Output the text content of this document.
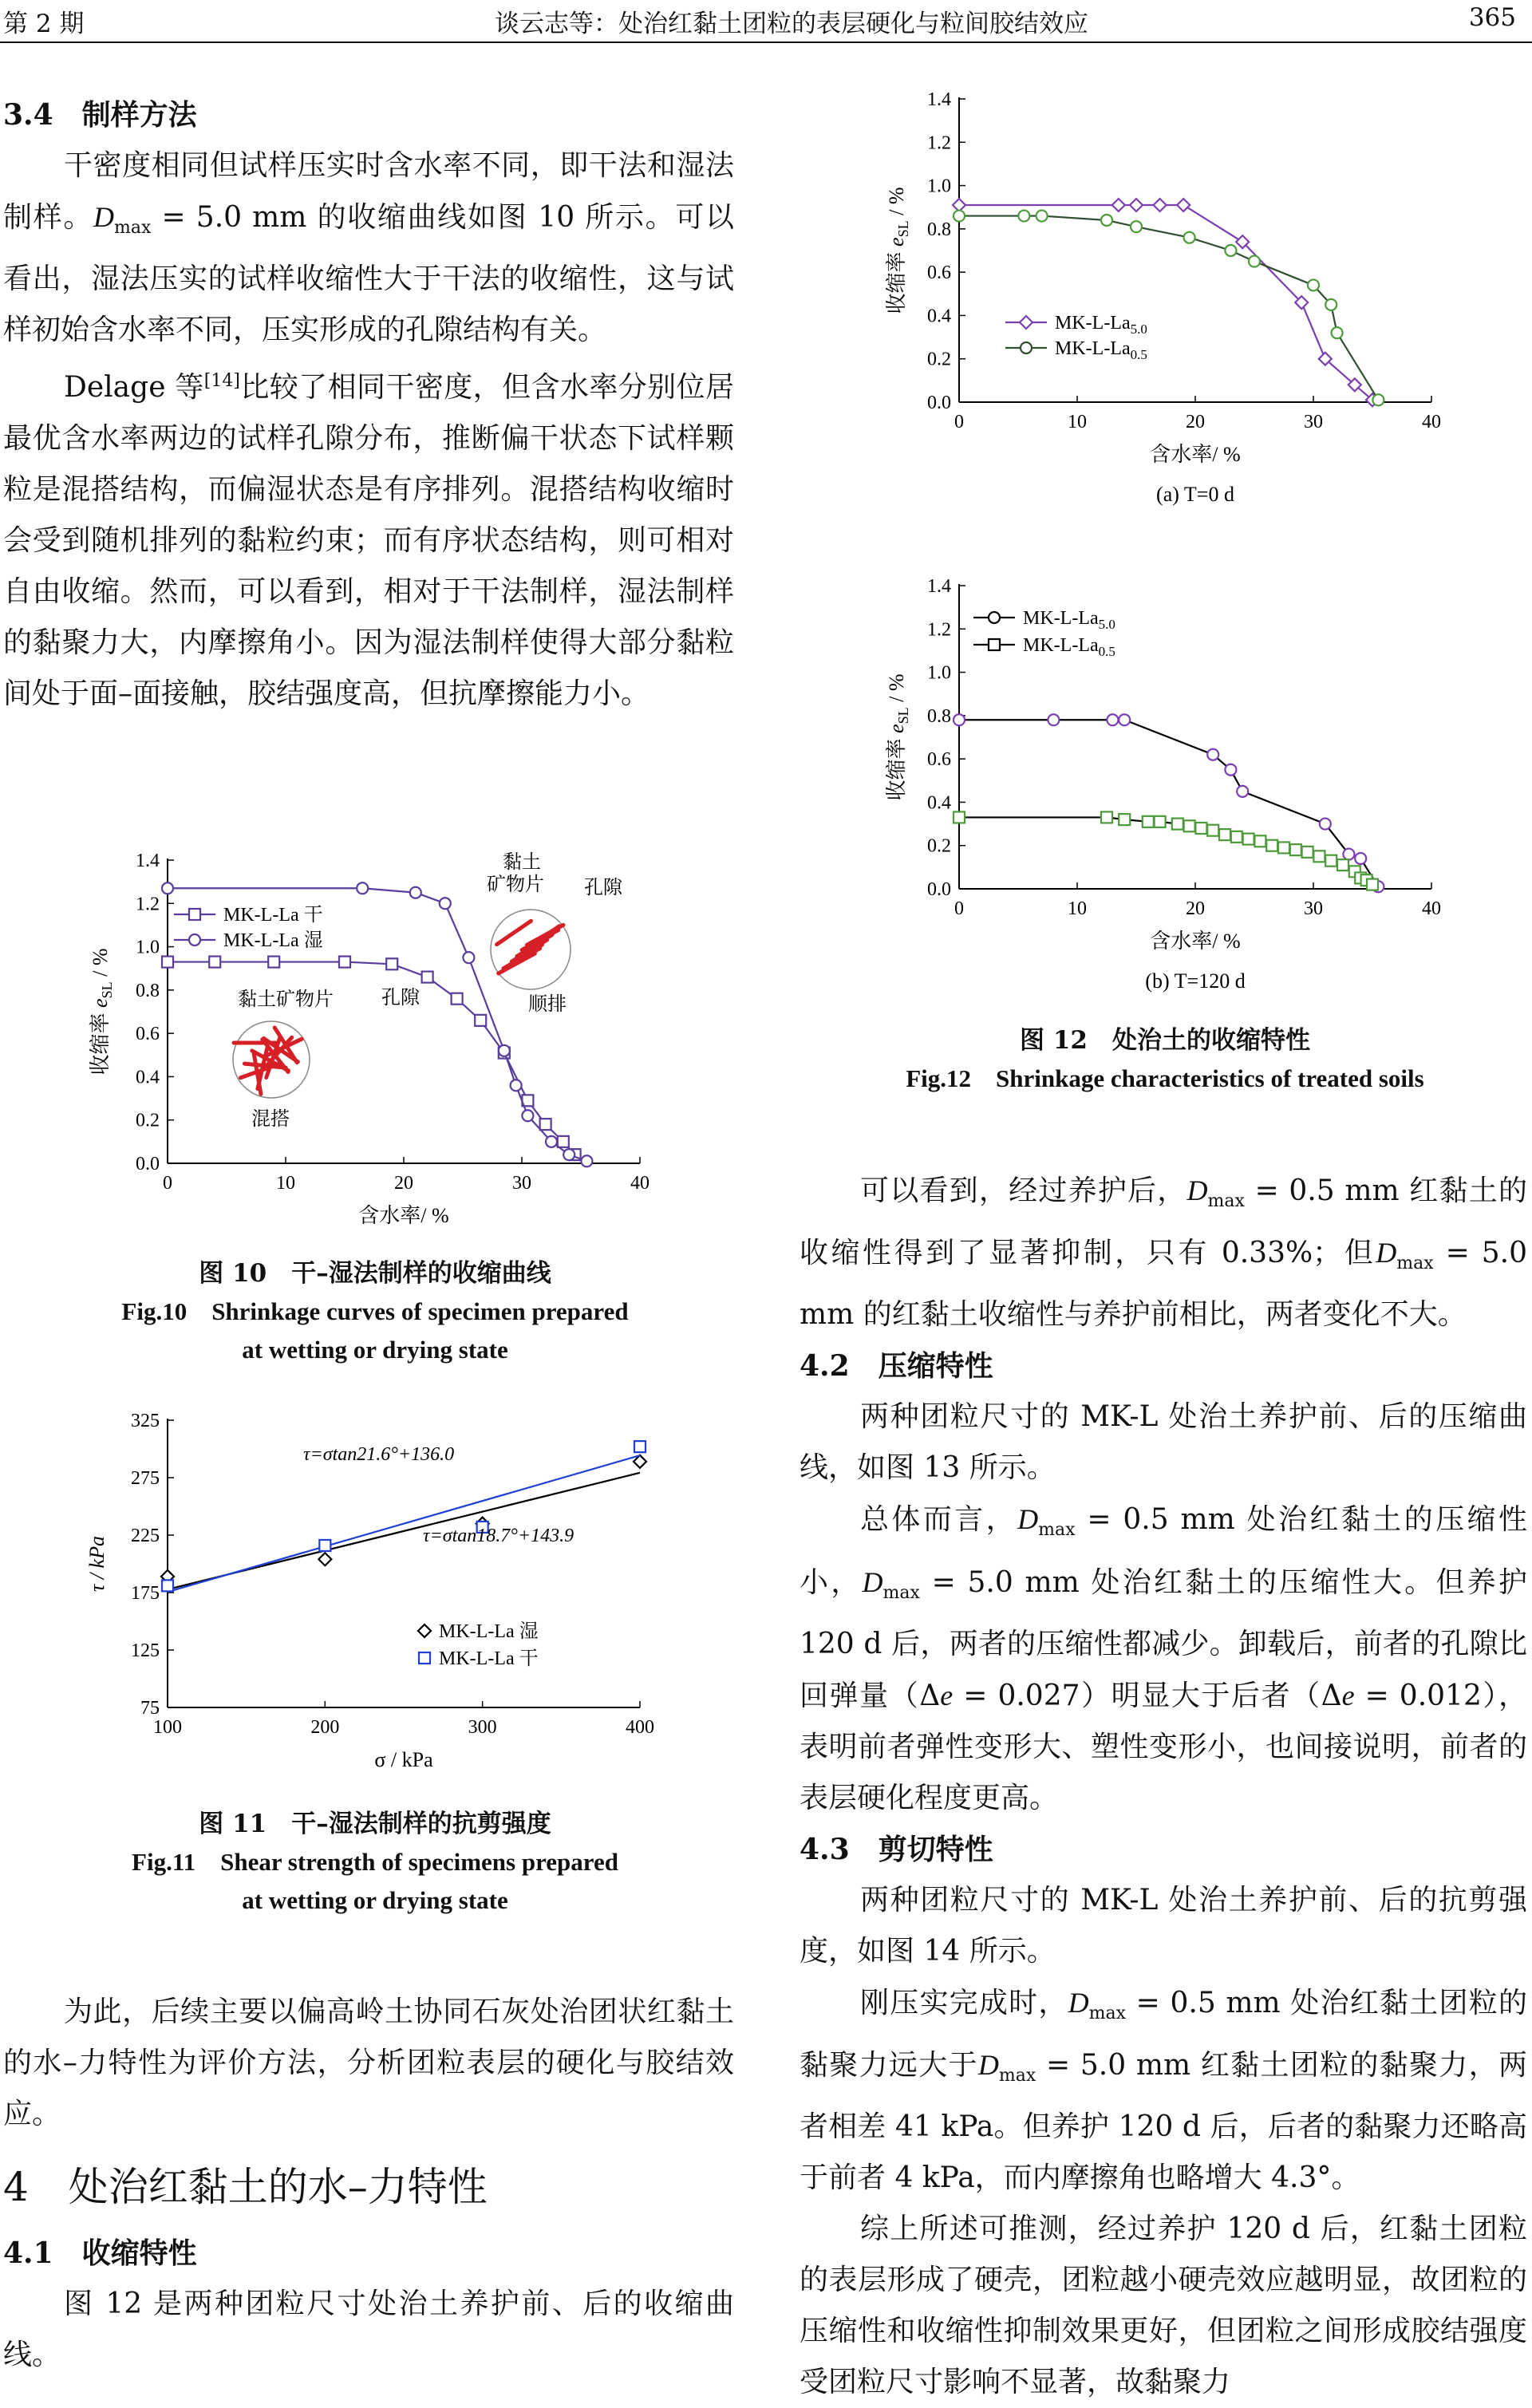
第 2 期	谈云志等：处治红黏土团粒的表层硬化与粒间胶结效应	365
3.4　制样方法

干密度相同但试样压实时含水率不同，即干法和湿法制样。$D_{max} = 5.0$ mm 的收缩曲线如图 10 所示。可以看出，湿法压实的试样收缩性大于干法的收缩性，这与试样初始含水率不同，压实形成的孔隙结构有关。

Delage 等[14]比较了相同干密度，但含水率分别位居最优含水率两边的试样孔隙分布，推断偏干状态下试样颗粒是混搭结构，而偏湿状态是有序排列。混搭结构收缩时会受到随机排列的黏粒约束；而有序状态结构，则可相对自由收缩。然而，可以看到，相对于干法制样，湿法制样的黏聚力大，内摩擦角小。因为湿法制样使得大部分黏粒间处于面–面接触，胶结强度高，但抗摩擦能力小。

0.0
0.2
0.4
0.6
0.8
1.0
1.2
1.4
0	10	20	30	40
含水率/ %
收缩率 $e_{SL}$ / %
黏土
矿物片 孔隙
顺排
黏土矿物片	孔隙
混搭
MK-L-La 干
MK-L-La 湿
图 10　干–湿法制样的收缩曲线
Fig.10　Shrinkage curves of specimen prepared
at wetting or drying state
75
125
175
225
275
325
100	200	300	400
σ / kPa
τ / kPa
τ=σtan21.6°+136.0
τ=σtan18.7°+143.9
MK-L-La 湿
MK-L-La 干
图 11　干–湿法制样的抗剪强度
Fig.11　Shear strength of specimens prepared
at wetting or drying state

为此，后续主要以偏高岭土协同石灰处治团状红黏土的水–力特性为评价方法，分析团粒表层的硬化与胶结效应。

4　处治红黏土的水–力特性
4.1　收缩特性

图 12 是两种团粒尺寸处治土养护前、后的收缩曲线。

0.0
0.2
0.4
0.6
0.8
1.0
1.2
1.4
0	10	20	30	40
含水率/ %
收缩率 $e_{SL}$ / %
$MK-L-La_{5.0}$
$MK-L-La_{0.5}$
(a) T=0 d
0.0
0.2
0.4
0.6
0.8
1.0
1.2
1.4
0	10	20	30	40
含水率/ %
收缩率 $e_{SL}$ / %
$MK-L-La_{5.0}$
$MK-L-La_{0.5}$
(b) T=120 d
图 12　处治土的收缩特性
Fig.12　Shrinkage characteristics of treated soils

可以看到，经过养护后，$D_{max} = 0.5$ mm 红黏土的收缩性得到了显著抑制，只有 0.33%；但$D_{max} = 5.0$ mm 的红黏土收缩性与养护前相比，两者变化不大。

4.2　压缩特性

两种团粒尺寸的 MK-L 处治土养护前、后的压缩曲线，如图 13 所示。

总体而言，$D_{max} = 0.5$ mm 处治红黏土的压缩性小，$D_{max} = 5.0$ mm 处治红黏土的压缩性大。但养护 120 d 后，两者的压缩性都减少。卸载后，前者的孔隙比回弹量（Δe = 0.027）明显大于后者（Δe = 0.012），表明前者弹性变形大、塑性变形小，也间接说明，前者的表层硬化程度更高。

4.3　剪切特性

两种团粒尺寸的 MK-L 处治土养护前、后的抗剪强度，如图 14 所示。

刚压实完成时，$D_{max} = 0.5$ mm 处治红黏土团粒的黏聚力远大于$D_{max} = 5.0$ mm 红黏土团粒的黏聚力，两者相差 41 kPa。但养护 120 d 后，后者的黏聚力还略高于前者 4 kPa，而内摩擦角也略增大 4.3°。

综上所述可推测，经过养护 120 d 后，红黏土团粒的表层形成了硬壳，团粒越小硬壳效应越明显，故团粒的压缩性和收缩性抑制效果更好，但团粒之间形成胶结强度受团粒尺寸影响不显著，故黏聚力
